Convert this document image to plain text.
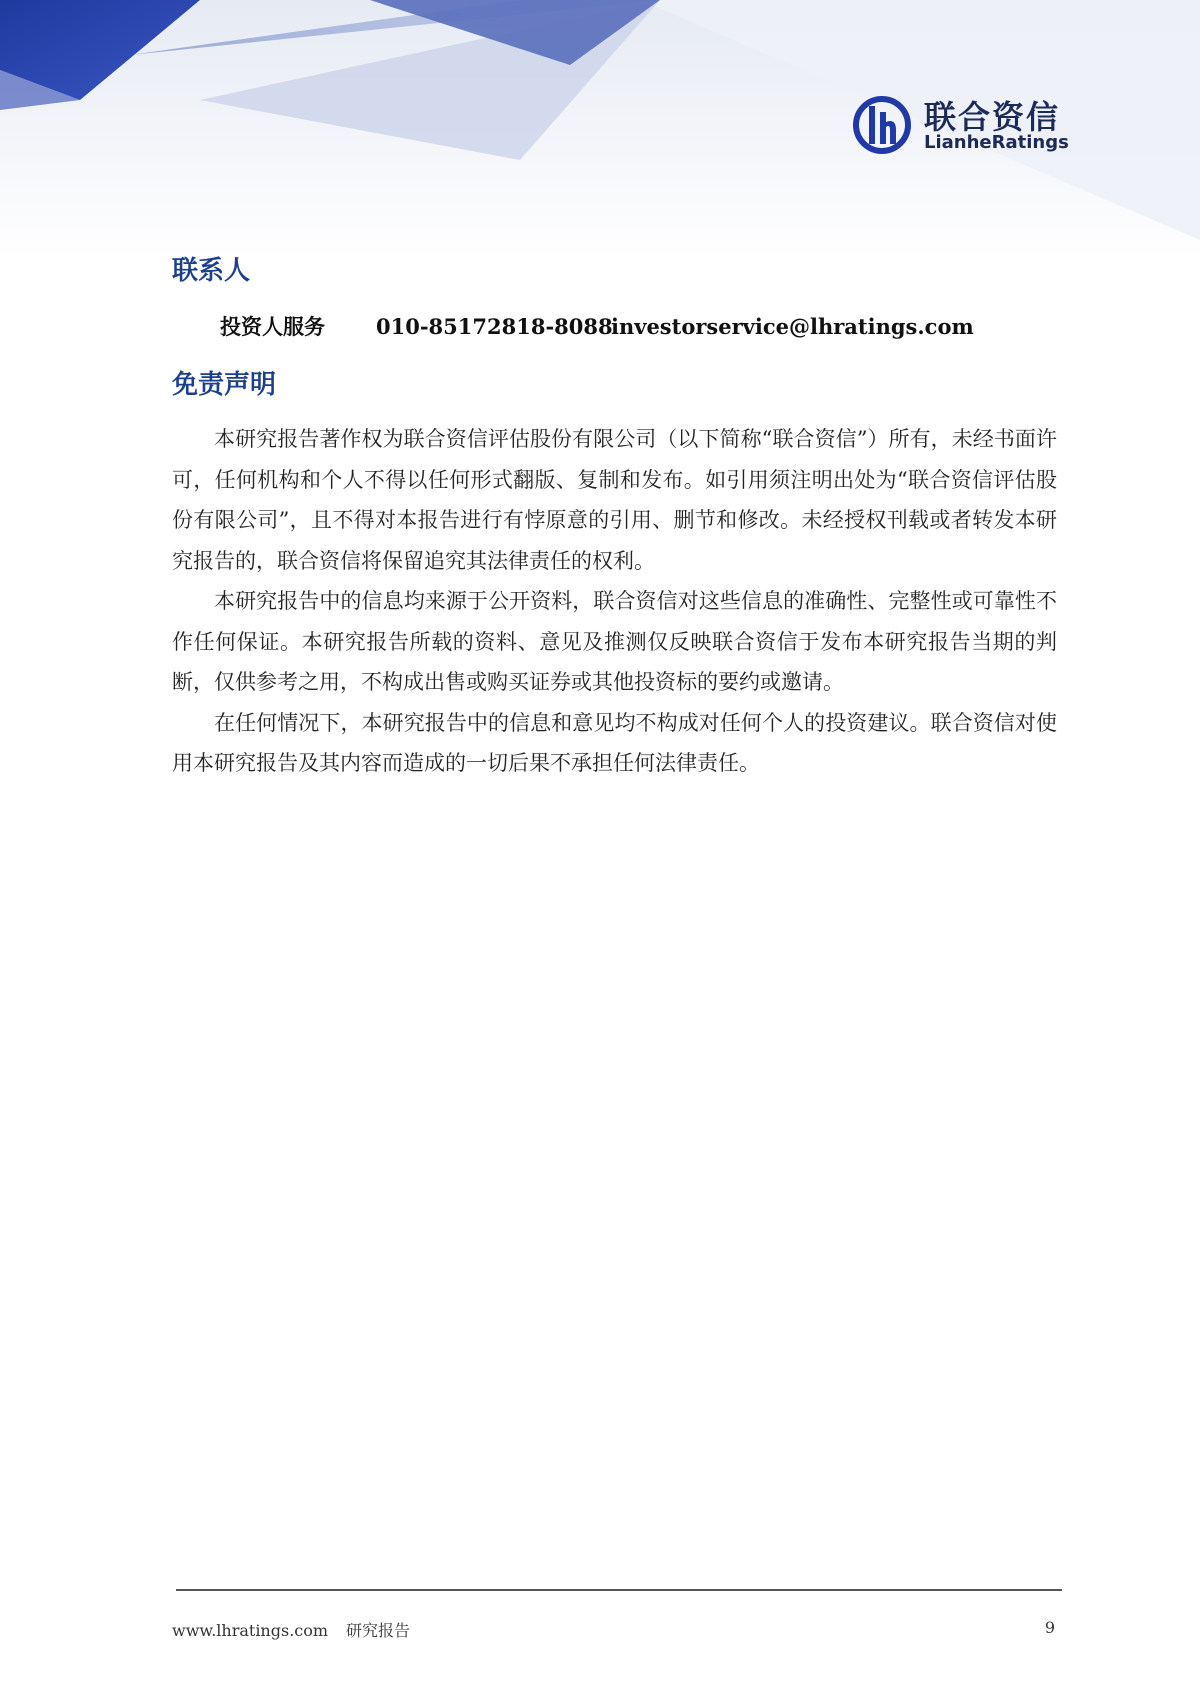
联合资信
LianheRatings
联系人
投资人服务 010-85172818-8088investorservice@lhratings.com
免责声明

本研究报告著作权为联合资信评估股份有限公司（以下简称“联合资信”）所有，未经书面许可，任何机构和个人不得以任何形式翻版、复制和发布。如引用须注明出处为“联合资信评估股份有限公司”，且不得对本报告进行有悖原意的引用、删节和修改。未经授权刊载或者转发本研究报告的，联合资信将保留追究其法律责任的权利。

本研究报告中的信息均来源于公开资料，联合资信对这些信息的准确性、完整性或可靠性不作任何保证。本研究报告所载的资料、意见及推测仅反映联合资信于发布本研究报告当期的判断，仅供参考之用，不构成出售或购买证券或其他投资标的要约或邀请。

在任何情况下，本研究报告中的信息和意见均不构成对任何个人的投资建议。联合资信对使用本研究报告及其内容而造成的一切后果不承担任何法律责任。

www.lhratings.com 研究报告	9
